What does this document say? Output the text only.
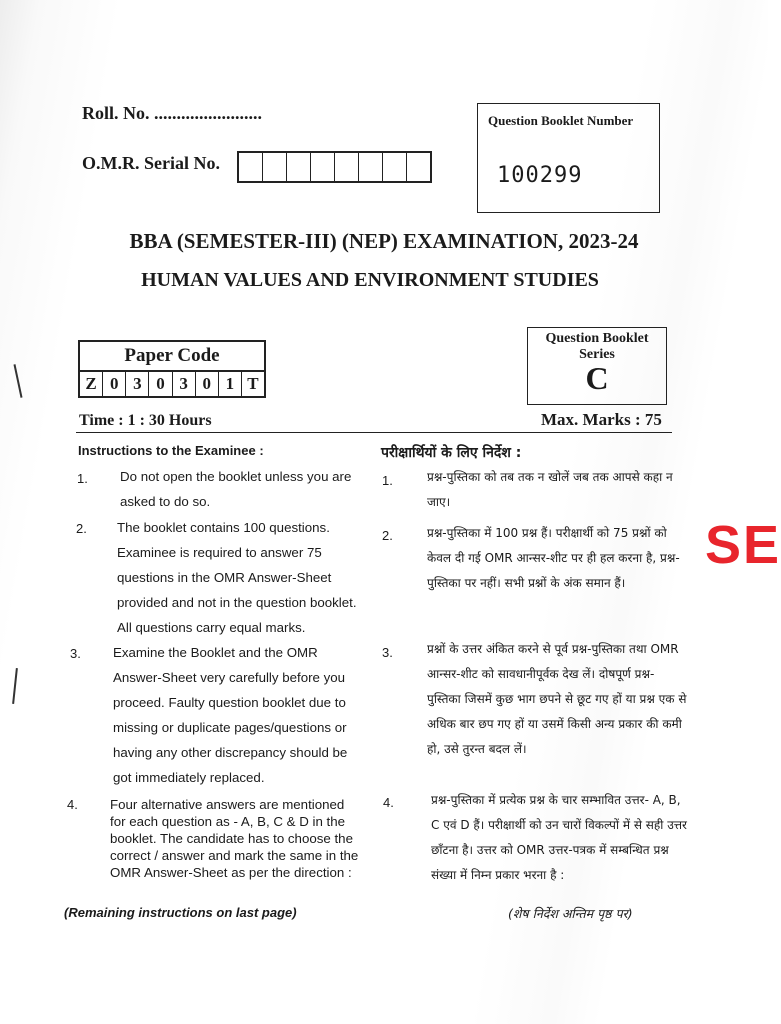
Roll. No. ........................
O.M.R. Serial No.
Question Booklet Number
100299
BBA (SEMESTER-III) (NEP) EXAMINATION, 2023-24
HUMAN VALUES AND ENVIRONMENT STUDIES
Paper Code
Z 0 3 0 3 0 1 T
Question Booklet
Series
C
Time : 1 : 30 Hours	Max. Marks : 75
Instructions to the Examinee :
1. Do not open the booklet unless you are asked to do so.
2. The booklet contains 100 questions. Examinee is required to answer 75 questions in the OMR Answer-Sheet provided and not in the question booklet. All questions carry equal marks.
3. Examine the Booklet and the OMR Answer-Sheet very carefully before you proceed. Faulty question booklet due to missing or duplicate pages/questions or having any other discrepancy should be got immediately replaced.
4. Four alternative answers are mentioned for each question as - A, B, C & D in the booklet. The candidate has to choose the correct / answer and mark the same in the OMR Answer-Sheet as per the direction :
(Remaining instructions on last page)
परीक्षार्थियों के लिए निर्देश :
1.	प्रश्न-पुस्तिका को तब तक न खोलें जब तक आपसे कहा न जाए।
2.	प्रश्न-पुस्तिका में 100 प्रश्न हैं। परीक्षार्थी को 75 प्रश्नों को केवल दी गई OMR आन्सर-शीट पर ही हल करना है, प्रश्न-पुस्तिका पर नहीं। सभी प्रश्नों के अंक समान हैं।
3.	प्रश्नों के उत्तर अंकित करने से पूर्व प्रश्न-पुस्तिका तथा OMR आन्सर-शीट को सावधानीपूर्वक देख लें। दोषपूर्ण प्रश्न-पुस्तिका जिसमें कुछ भाग छपने से छूट गए हों या प्रश्न एक से अधिक बार छप गए हों या उसमें किसी अन्य प्रकार की कमी हो, उसे तुरन्त बदल लें।
4.	प्रश्न-पुस्तिका में प्रत्येक प्रश्न के चार सम्भावित उत्तर- A, B, C एवं D हैं। परीक्षार्थी को उन चारों विकल्पों में से सही उत्तर छाँटना है। उत्तर को OMR उत्तर-पत्रक में सम्बन्धित प्रश्न संख्या में निम्न प्रकार भरना है :
(शेष निर्देश अन्तिम पृष्ठ पर)
SE
